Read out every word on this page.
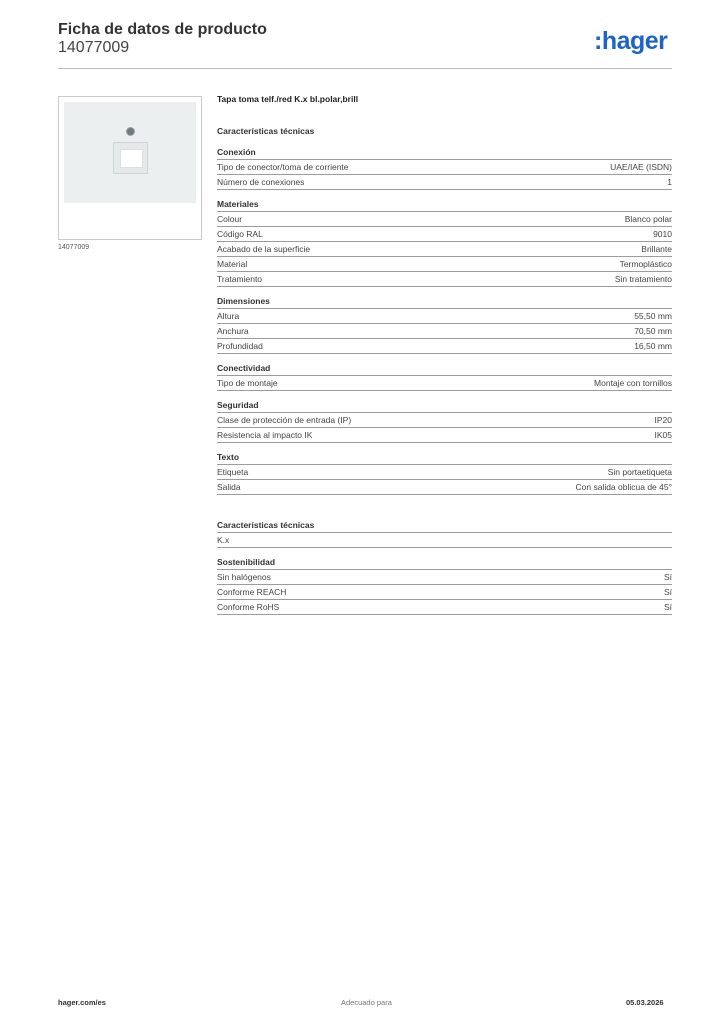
Ficha de datos de producto
14077009	:hager
14077009
Tapa toma telf./red K.x bl.polar,brill
Características técnicas
Conexión
Tipo de conector/toma de corriente	UAE/IAE (ISDN)
Número de conexiones	1
Materiales
Colour	Blanco polar
Código RAL	9010
Acabado de la superficie	Brillante
Material	Termoplástico
Tratamiento	Sin tratamiento
Dimensiones
Altura	55,50 mm
Anchura	70,50 mm
Profundidad	16,50 mm
Conectividad
Tipo de montaje	Montaje con tornillos
Seguridad
Clase de protección de entrada (IP)	IP20
Resistencia al impacto IK	IK05
Texto
Etiqueta	Sin portaetiqueta
Salida	Con salida oblicua de 45°
Características técnicas
K.x
Sostenibilidad
Sin halógenos	Sí
Conforme REACH	Sí
Conforme RoHS	Sí
hager.com/es	Adecuado para	05.03.2026
